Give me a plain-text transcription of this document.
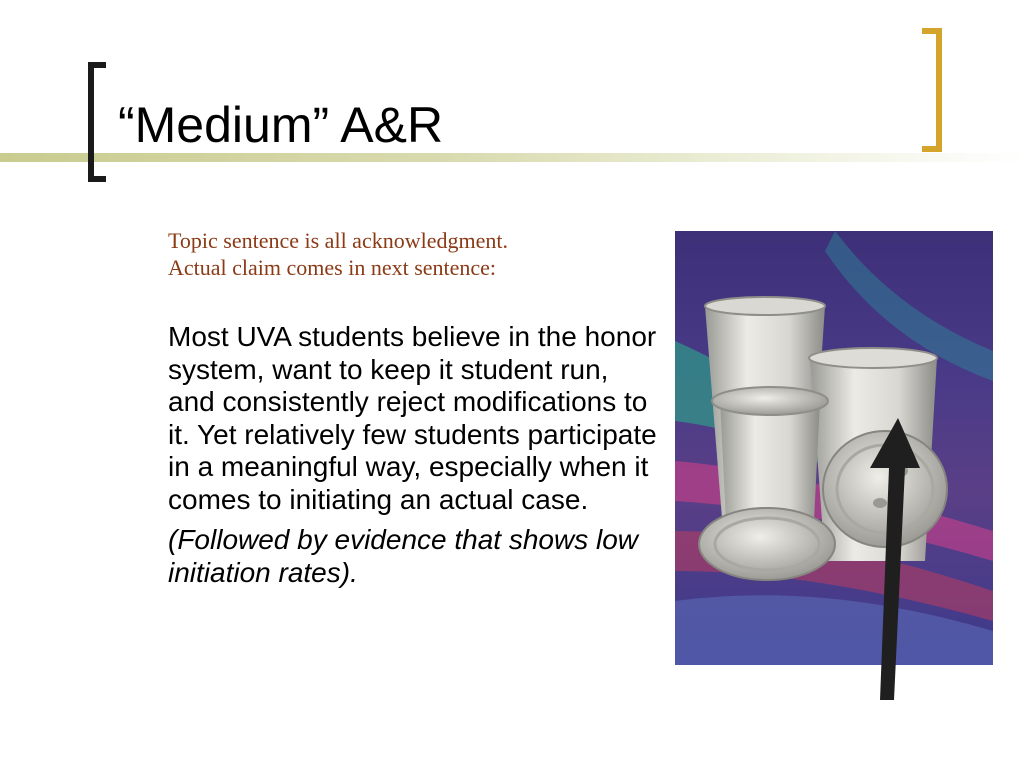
“Medium” A&R
Topic sentence is all acknowledgment.
Actual claim comes in next sentence:

Most UVA students believe in the honor system, want to keep it student run, and consistently reject modifications to it. Yet relatively few students participate in a meaningful way, especially when it comes to initiating an actual case.

(Followed by evidence that shows low initiation rates).
